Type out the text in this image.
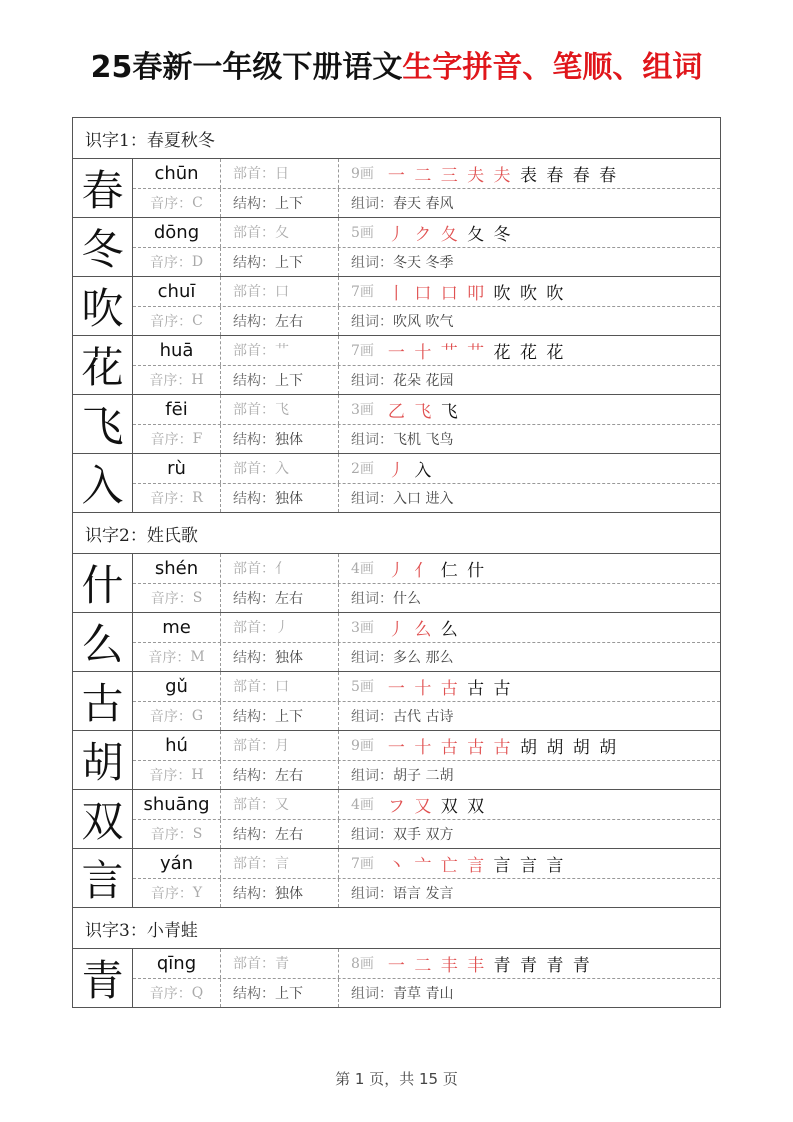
25春新一年级下册语文生字拼音、笔顺、组词
识字1：春夏秋冬
春	chūn 部首： 日	9画 一 二 三 夫 夫 表 春 春 春
音序： C 结构： 上下	组词： 春天 春风
冬	dōng 部首： 夂	5画 丿 ク 夂 夂 冬
音序： D 结构： 上下	组词： 冬天 冬季
吹	chuī	部首： 口	7画 丨 口 口 叩 吹 吹 吹
音序： C 结构： 左右	组词： 吹风 吹气
花	huā	部首： 艹	7画 一 十 艹 艹 花 花 花
音序： H 结构： 上下	组词： 花朵 花园
飞	fēi	部首： 飞	3画 乙 飞 飞
音序： F 结构： 独体	组词： 飞机 飞鸟
入	rù	部首： 入	2画 丿 入
音序： R 结构： 独体	组词： 入口 进入
识字2：姓氏歌
什	shén 部首： 亻	4画 丿 亻 仁 什
音序： S 结构： 左右	组词： 什么
么	me	部首： 丿	3画 丿 么 么
音序： M 结构： 独体	组词： 多么 那么
古	gǔ	部首： 口	5画 一 十 古 古 古
音序： G 结构： 上下	组词： 古代 古诗
胡	hú	部首： 月	9画 一 十 古 古 古 胡 胡 胡 胡
音序： H 结构： 左右	组词： 胡子 二胡
双	shuāng 部首： 又	4画 フ 又 双 双
音序： S 结构： 左右	组词： 双手 双方
言	yán	部首： 言	7画 丶 亠 亡 言 言 言 言
音序： Y 结构： 独体	组词： 语言 发言
识字3：小青蛙
青	qīng	部首： 青	8画 一 二 丰 丰 青 青 青 青
音序： Q 结构： 上下	组词： 青草 青山
第 1 页，共 15 页
